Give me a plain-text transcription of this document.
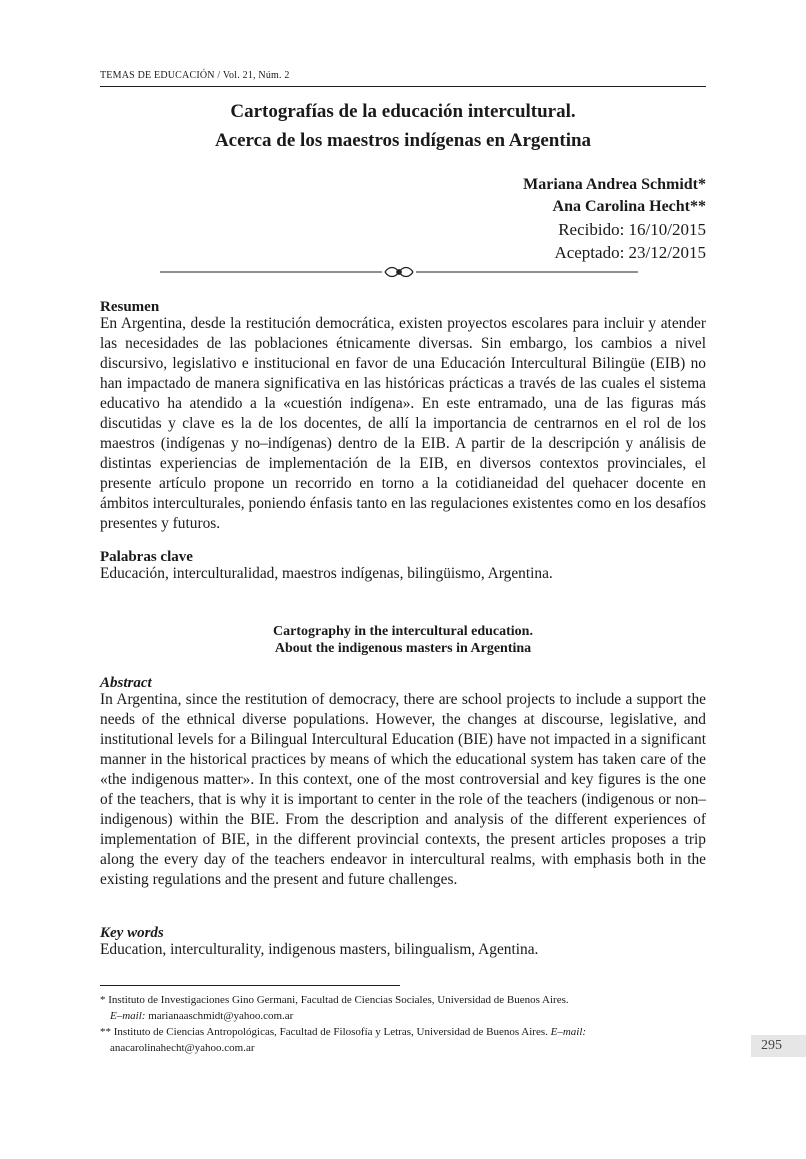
TEMAS DE EDUCACIÓN / Vol. 21, Núm. 2
Cartografías de la educación intercultural.
Acerca de los maestros indígenas en Argentina
Mariana Andrea Schmidt*
Ana Carolina Hecht**
Recibido: 16/10/2015
Aceptado: 23/12/2015
Resumen

En Argentina, desde la restitución democrática, existen proyectos escolares para incluir y atender las necesidades de las poblaciones étnicamente diversas. Sin embargo, los cambios a nivel discursivo, legislativo e institucional en favor de una Educación Intercultural Bilingüe (EIB) no han impactado de manera significativa en las históricas prácticas a través de las cuales el sistema educativo ha atendido a la «cuestión indígena». En este entramado, una de las figuras más discutidas y clave es la de los docentes, de allí la importancia de centrarnos en el rol de los maestros (indígenas y no–indígenas) dentro de la EIB. A partir de la descripción y análisis de distintas experiencias de implementación de la EIB, en diversos contextos provinciales, el presente artículo propone un recorrido en torno a la cotidianeidad del quehacer docente en ámbitos interculturales, poniendo énfasis tanto en las regulaciones existentes como en los desafíos presentes y futuros.

Palabras clave

Educación, interculturalidad, maestros indígenas, bilingüismo, Argentina.

Cartography in the intercultural education.
About the indigenous masters in Argentina
Abstract

In Argentina, since the restitution of democracy, there are school projects to include a support the needs of the ethnical diverse populations. However, the changes at discourse, legislative, and institutional levels for a Bilingual Intercultural Education (BIE) have not impacted in a significant manner in the historical practices by means of which the educational system has taken care of the «the indigenous matter». In this context, one of the most controversial and key figures is the one of the teachers, that is why it is important to center in the role of the teachers (indigenous or non–indigenous) within the BIE. From the description and analysis of the different experiences of implementation of BIE, in the different provincial contexts, the present articles proposes a trip along the every day of the teachers endeavor in intercultural realms, with emphasis both in the existing regulations and the present and future challenges.

Key words

Education, interculturality, indigenous masters, bilingualism, Agentina.

* Instituto de Investigaciones Gino Germani, Facultad de Ciencias Sociales, Universidad de Buenos Aires.
E–mail: marianaaschmidt@yahoo.com.ar
** Instituto de Ciencias Antropológicas, Facultad de Filosofía y Letras, Universidad de Buenos Aires. E–mail:
anacarolinahecht@yahoo.com.ar	295
